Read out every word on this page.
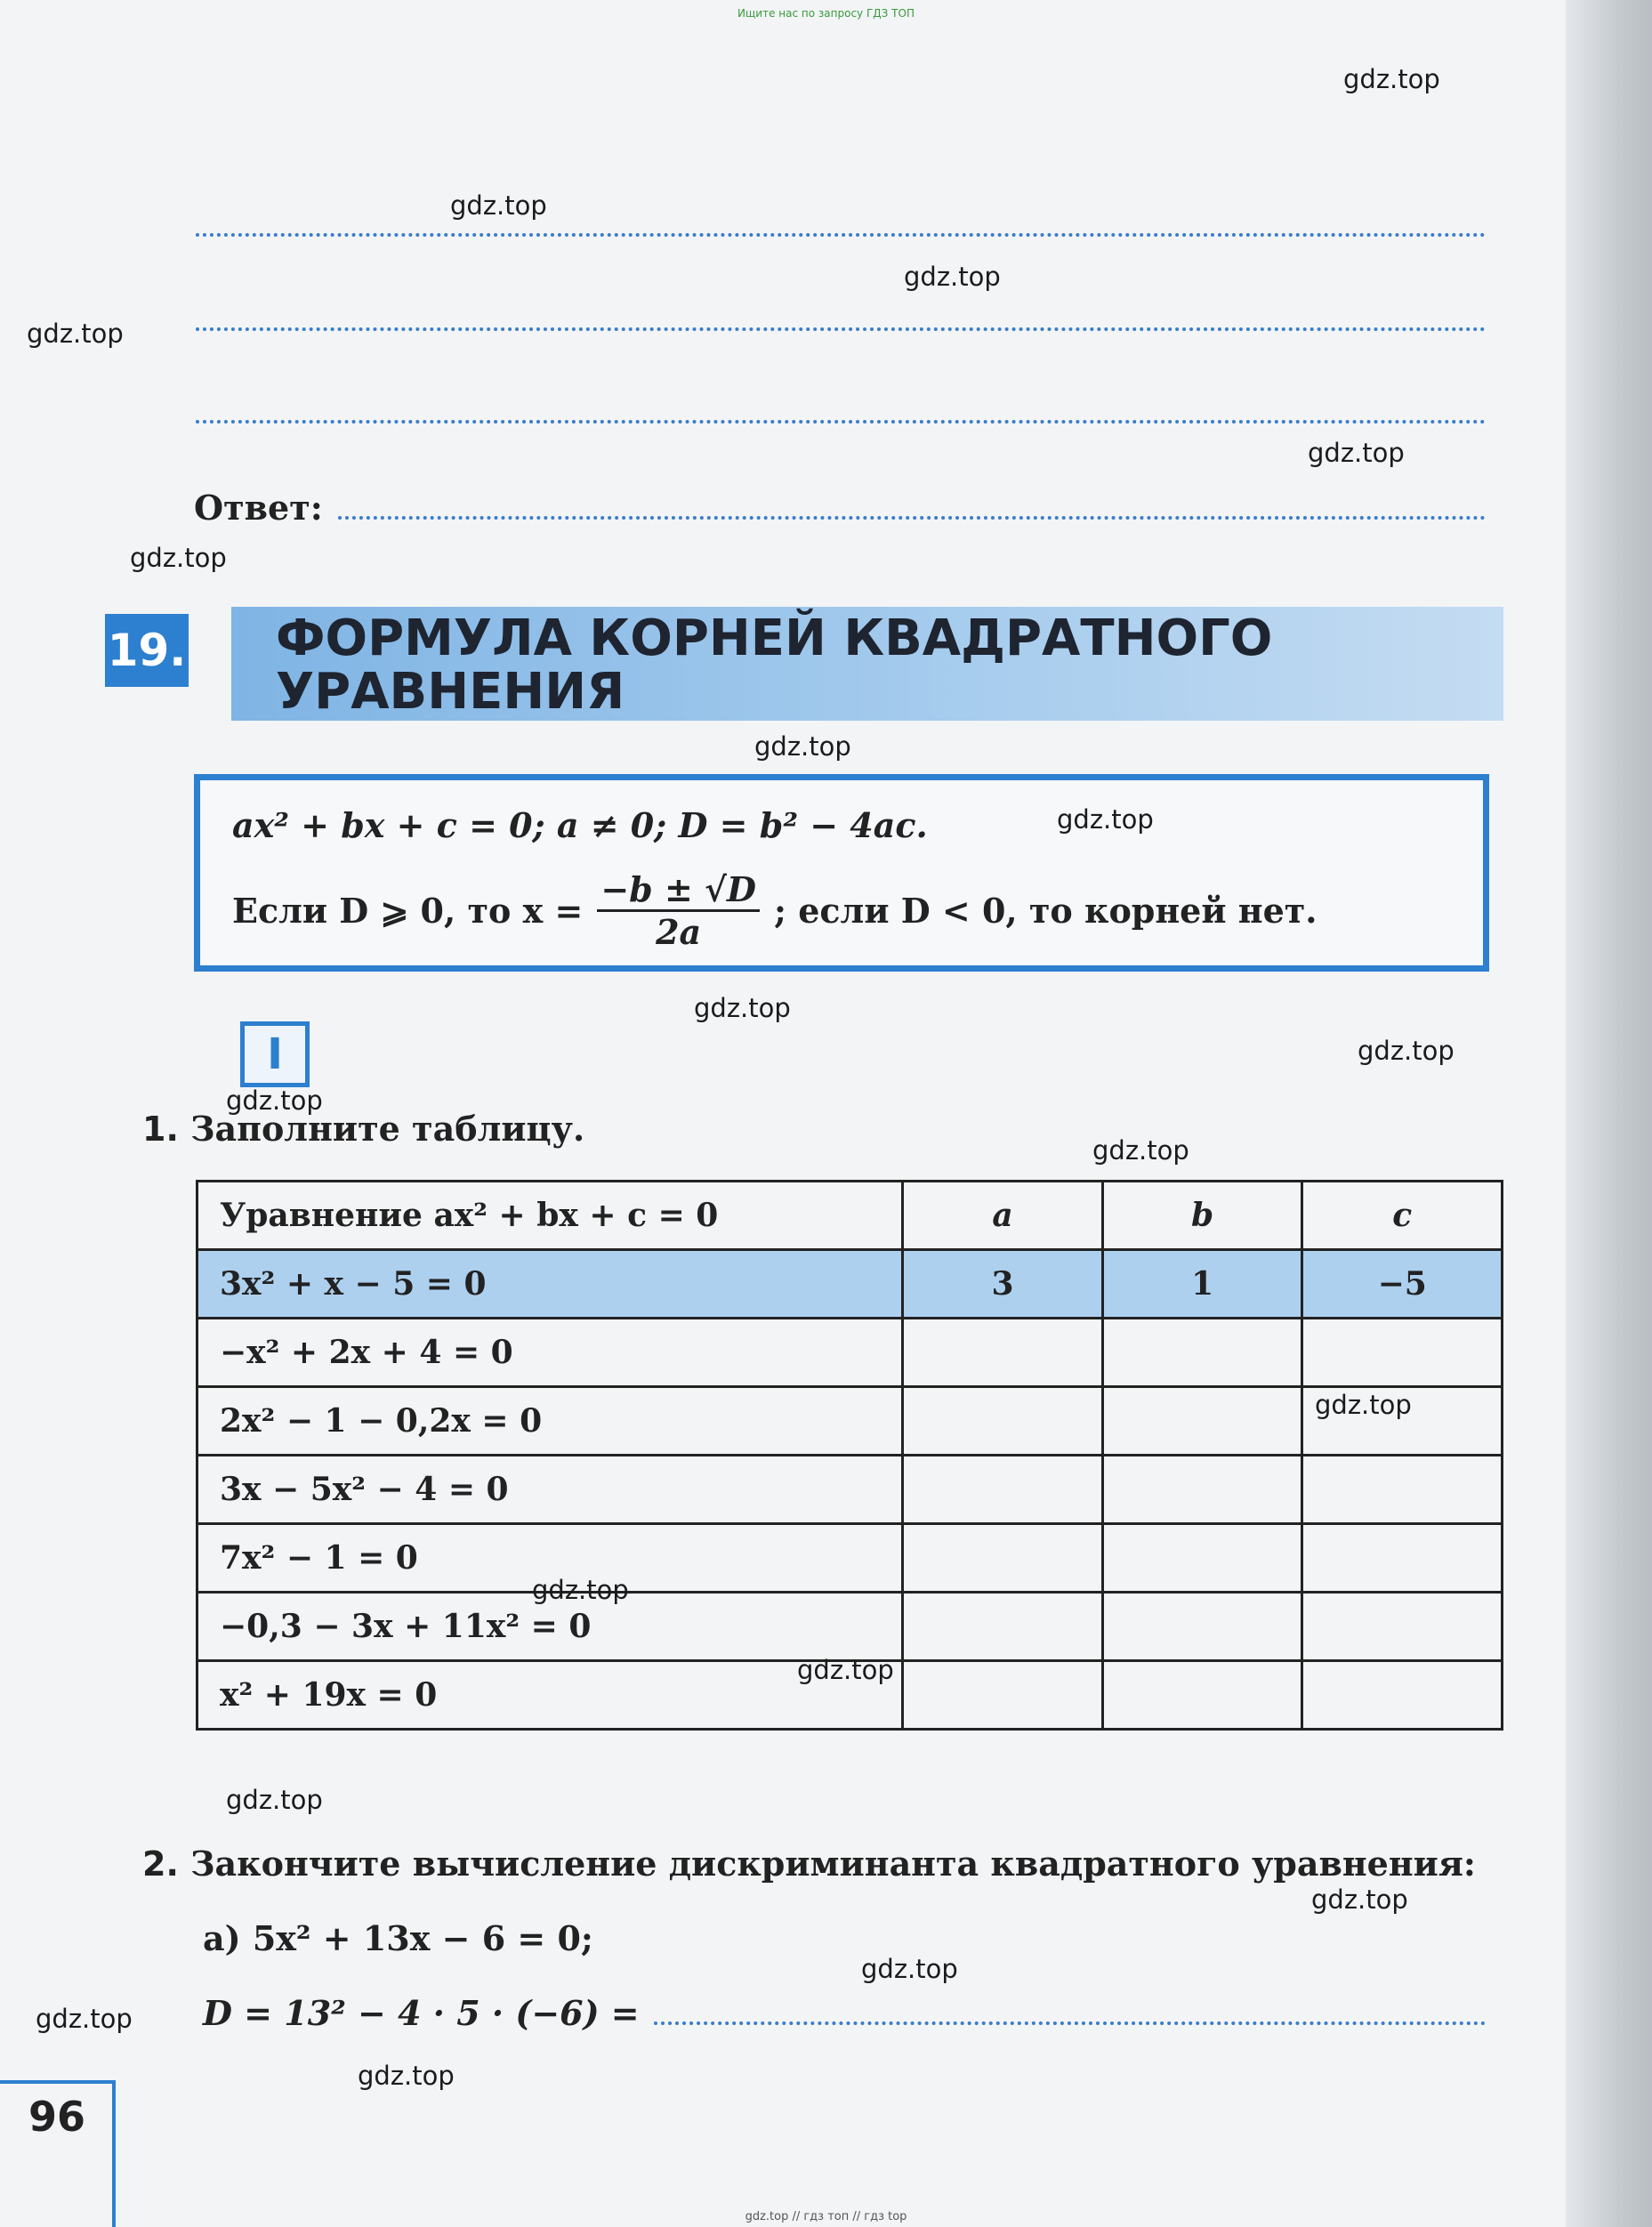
Ищите нас по запросу ГДЗ ТОП
Ответ:
19. ФОРМУЛА КОРНЕЙ КВАДРАТНОГО
УРАВНЕНИЯ
ax² + bx + c = 0; a ≠ 0; D = b² − 4ac.
Если D ⩾ 0, то $x = \frac{-b \pm √D}{2a}$ ; если D < 0, то корней нет.
I
1. Заполните таблицу.
Уравнение ax² + bx + c = 0	a	b	c
3x² + x − 5 = 0	3	1	−5
−x² + 2x + 4 = 0			
2x² − 1 − 0,2x = 0			
3x − 5x² − 4 = 0			
7x² − 1 = 0			
−0,3 − 3x + 11x² = 0			
x² + 19x = 0			
2. Закончите вычисление дискриминанта квадратного уравнения:
а) 5x² + 13x − 6 = 0;
D = 13² − 4 · 5 · (−6) =
96
gdz.top
gdz.top
gdz.top
gdz.top
gdz.top
gdz.top
gdz.top
gdz.top
gdz.top
gdz.top
gdz.top
gdz.top
gdz.top
gdz.top
gdz.top
gdz.top
gdz.top
gdz.top
gdz.top
gdz.top
gdz.top // гдз топ // гдз top
